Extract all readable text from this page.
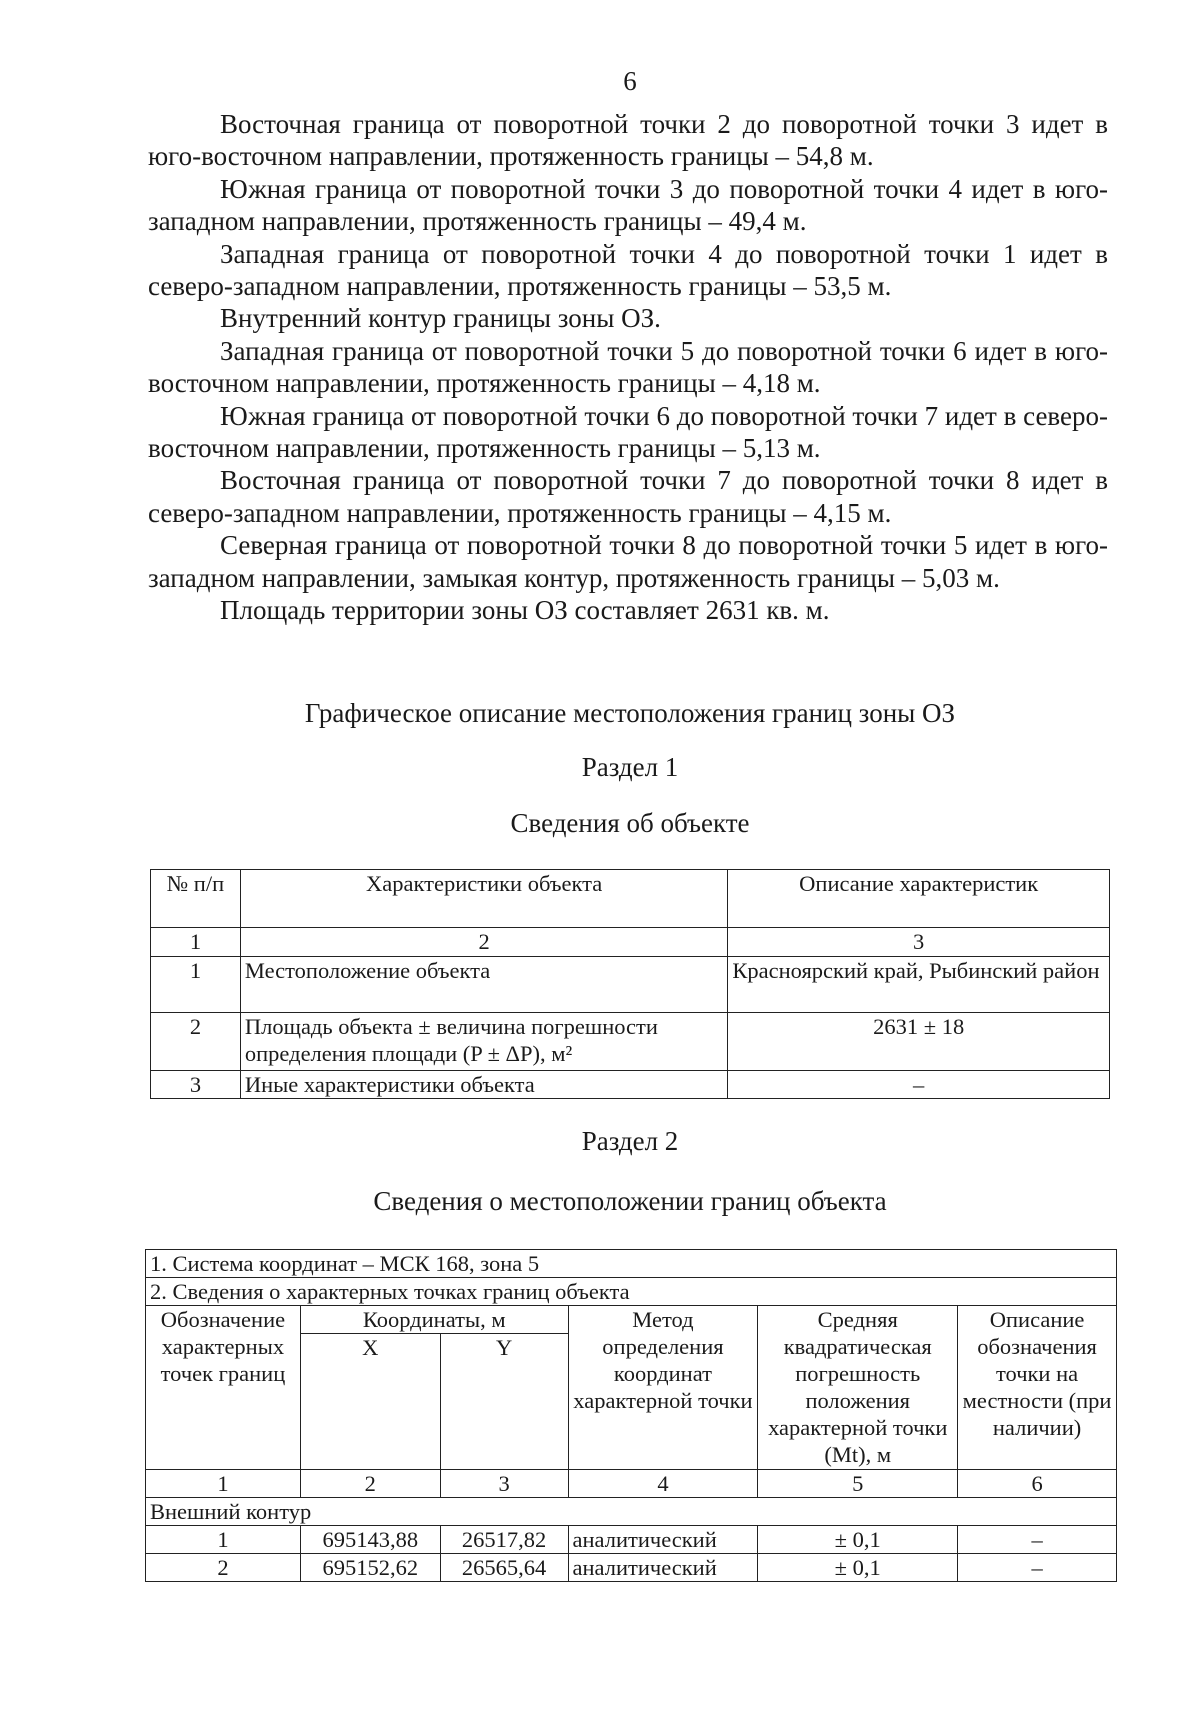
6

Восточная граница от поворотной точки 2 до поворотной точки 3 идет в юго-восточном направлении, протяженность границы – 54,8 м.

Южная граница от поворотной точки 3 до поворотной точки 4 идет в юго-западном направлении, протяженность границы – 49,4 м.

Западная граница от поворотной точки 4 до поворотной точки 1 идет в северо-западном направлении, протяженность границы – 53,5 м.

Внутренний контур границы зоны ОЗ.

Западная граница от поворотной точки 5 до поворотной точки 6 идет в юго-восточном направлении, протяженность границы – 4,18 м.

Южная граница от поворотной точки 6 до поворотной точки 7 идет в северо-восточном направлении, протяженность границы – 5,13 м.

Восточная граница от поворотной точки 7 до поворотной точки 8 идет в северо-западном направлении, протяженность границы – 4,15 м.

Северная граница от поворотной точки 8 до поворотной точки 5 идет в юго-западном направлении, замыкая контур, протяженность границы – 5,03 м.

Площадь территории зоны ОЗ составляет 2631 кв. м.

Графическое описание местоположения границ зоны ОЗ
Раздел 1
Сведения об объекте
№ п/п	Характеристики объекта	Описание характеристик
1	2	3
1	Местоположение объекта	Красноярский край, Рыбинский район
2	Площадь объекта ± величина погрешности определения площади (P ± ΔP), м²	2631 ± 18
3	Иные характеристики объекта	–
Раздел 2
Сведения о местоположении границ объекта
1. Система координат – МСК 168, зона 5					
2. Сведения о характерных точках границ объекта					
Обозначение характерных точек границ	Координаты, м		Метод определения координат характерной точки	Средняя квадратическая погрешность положения характерной точки (Mt), м	Описание обозначения точки на местности (при наличии)
	X	Y			
1	2	3	4	5	6
Внешний контур					
1	695143,88	26517,82	аналитический	± 0,1	–
2	695152,62	26565,64	аналитический	± 0,1	–
